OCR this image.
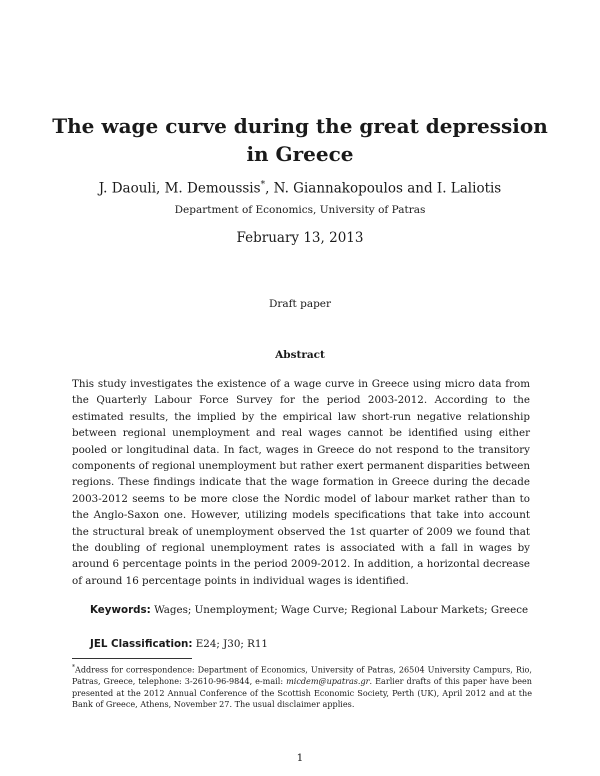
The wage curve during the great depression
in Greece
J. Daouli, M. Demoussis*, N. Giannakopoulos and I. Laliotis
Department of Economics, University of Patras
February 13, 2013
Draft paper
Abstract
This study investigates the existence of a wage curve in Greece using micro data from the Quarterly Labour Force Survey for the period 2003-2012. According to the estimated results, the implied by the empirical law short-run negative relationship between regional unemployment and real wages cannot be identified using either pooled or longitudinal data. In fact, wages in Greece do not respond to the transitory components of regional unemployment but rather exert permanent disparities between regions. These findings indicate that the wage formation in Greece during the decade 2003-2012 seems to be more close the Nordic model of labour market rather than to the Anglo-Saxon one. However, utilizing models specifications that take into account the structural break of unemployment observed the 1st quarter of 2009 we found that the doubling of regional unemployment rates is associated with a fall in wages by around 6 percentage points in the period 2009-2012. In addition, a horizontal decrease of around 16 percentage points in individual wages is identified.
Keywords: Wages; Unemployment; Wage Curve; Regional Labour Markets; Greece
JEL Classification: E24; J30; R11
*Address for correspondence: Department of Economics, University of Patras, 26504 University Campurs, Rio, Patras, Greece, telephone: 3-2610-96-9844, e-mail: micdem@upatras.gr. Earlier drafts of this paper have been presented at the 2012 Annual Conference of the Scottish Economic Society, Perth (UK), April 2012 and at the Bank of Greece, Athens, November 27. The usual disclaimer applies.
1
